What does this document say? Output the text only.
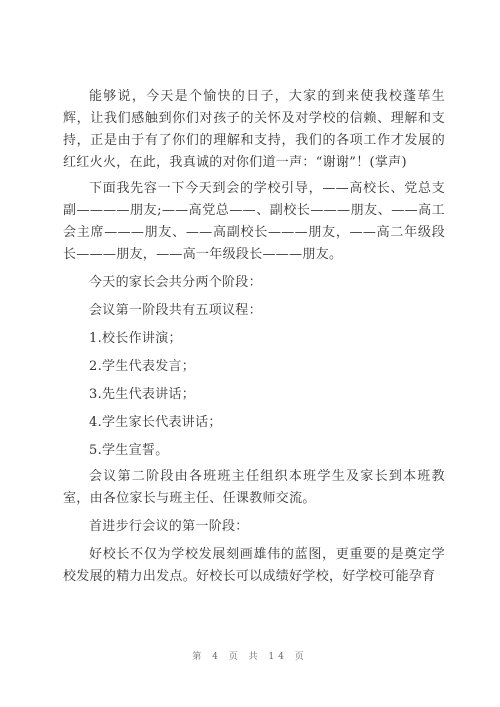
能够说，今天是个愉快的日子，大家的到来使我校蓬荜生辉，让我们感触到你们对孩子的关怀及对学校的信赖、理解和支持，正是由于有了你们的理解和支持，我们的各项工作才发展的红红火火，在此，我真诚的对你们道一声：“谢谢”！(掌声)

下面我先容一下今天到会的学校引导，——高校长、党总支副————朋友;——高党总——、副校长———朋友、——高工会主席———朋友、——高副校长———朋友，——高二年级段长———朋友，——高一年级段长———朋友。

今天的家长会共分两个阶段：

会议第一阶段共有五项议程：

1.校长作讲演；

2.学生代表发言；

3.先生代表讲话；

4.学生家长代表讲话；

5.学生宣誓。

会议第二阶段由各班班主任组织本班学生及家长到本班教室，由各位家长与班主任、任课教师交流。

首进步行会议的第一阶段：

好校长不仅为学校发展刻画雄伟的蓝图，更重要的是奠定学校发展的精力出发点。好校长可以成绩好学校，好学校可能孕育

第 4 页 共 14 页
